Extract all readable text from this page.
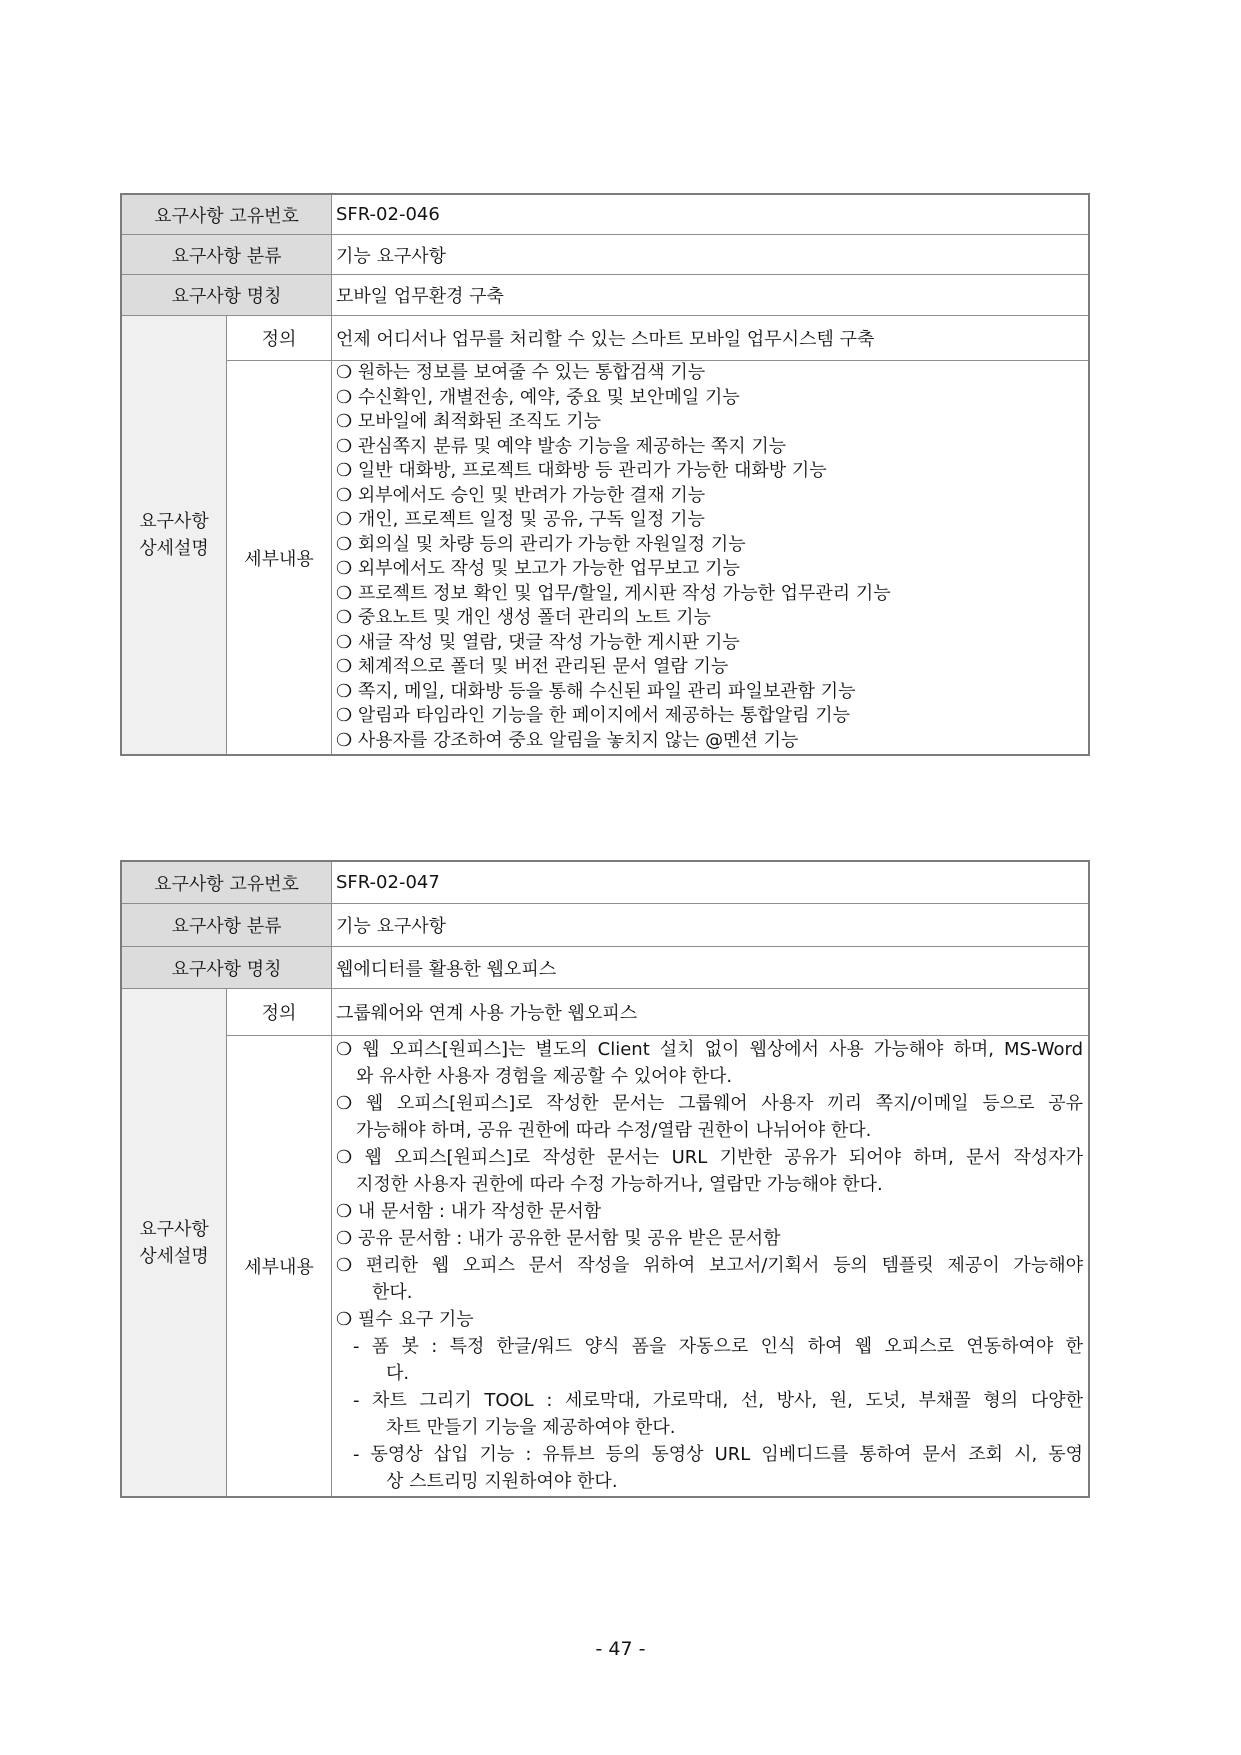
요구사항 고유번호	SFR-02-046
요구사항 분류	기능 요구사항
요구사항 명칭	모바일 업무환경 구축
요구사항
상세설명
정의	언제 어디서나 업무를 처리할 수 있는 스마트 모바일 업무시스템 구축
세부내용
❍ 원하는 정보를 보여줄 수 있는 통합검색 기능
❍ 수신확인, 개별전송, 예약, 중요 및 보안메일 기능
❍ 모바일에 최적화된 조직도 기능
❍ 관심쪽지 분류 및 예약 발송 기능을 제공하는 쪽지 기능
❍ 일반 대화방, 프로젝트 대화방 등 관리가 가능한 대화방 기능
❍ 외부에서도 승인 및 반려가 가능한 결재 기능
❍ 개인, 프로젝트 일정 및 공유, 구독 일정 기능
❍ 회의실 및 차량 등의 관리가 가능한 자원일정 기능
❍ 외부에서도 작성 및 보고가 가능한 업무보고 기능
❍ 프로젝트 정보 확인 및 업무/할일, 게시판 작성 가능한 업무관리 기능
❍ 중요노트 및 개인 생성 폴더 관리의 노트 기능
❍ 새글 작성 및 열람, 댓글 작성 가능한 게시판 기능
❍ 체계적으로 폴더 및 버전 관리된 문서 열람 기능
❍ 쪽지, 메일, 대화방 등을 통해 수신된 파일 관리 파일보관함 기능
❍ 알림과 타임라인 기능을 한 페이지에서 제공하는 통합알림 기능
❍ 사용자를 강조하여 중요 알림을 놓치지 않는 @멘션 기능
요구사항 고유번호	SFR-02-047
요구사항 분류	기능 요구사항
요구사항 명칭	웹에디터를 활용한 웹오피스
요구사항
상세설명
정의	그룹웨어와 연계 사용 가능한 웹오피스
세부내용
❍ 웹 오피스[원피스]는 별도의 Client 설치 없이 웹상에서 사용 가능해야 하며, MS-Word
와 유사한 사용자 경험을 제공할 수 있어야 한다.
❍ 웹 오피스[원피스]로 작성한 문서는 그룹웨어 사용자 끼리 쪽지/이메일 등으로 공유
가능해야 하며, 공유 권한에 따라 수정/열람 권한이 나뉘어야 한다.
❍ 웹 오피스[원피스]로 작성한 문서는 URL 기반한 공유가 되어야 하며, 문서 작성자가
지정한 사용자 권한에 따라 수정 가능하거나, 열람만 가능해야 한다.
❍ 내 문서함 : 내가 작성한 문서함
❍ 공유 문서함 : 내가 공유한 문서함 및 공유 받은 문서함
❍ 편리한 웹 오피스 문서 작성을 위하여 보고서/기획서 등의 템플릿 제공이 가능해야
한다.
❍ 필수 요구 기능
- 폼 봇 : 특정 한글/워드 양식 폼을 자동으로 인식 하여 웹 오피스로 연동하여야 한
다.
- 차트 그리기 TOOL : 세로막대, 가로막대, 선, 방사, 원, 도넛, 부채꼴 형의 다양한
차트 만들기 기능을 제공하여야 한다.
- 동영상 삽입 기능 : 유튜브 등의 동영상 URL 임베디드를 통하여 문서 조회 시, 동영
상 스트리밍 지원하여야 한다.
- 47 -
